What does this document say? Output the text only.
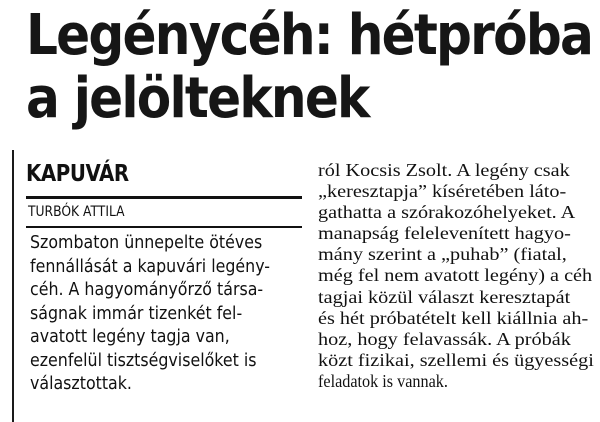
Legénycéh: hétpróba
a jelölteknek
KAPUVÁR
TURBÓK ATTILA
Szombaton ünnepelte ötéves
fennállását a kapuvári legény-
céh. A hagyományőrző társa-
ságnak immár tizenkét fel-
avatott legény tagja van,
ezenfelül tisztségviselőket is
választottak.
ról Kocsis Zsolt. A legény csak
„keresztapja” kíséretében láto-
gathatta a szórakozóhelyeket. A
manapság felelevenített hagyo-
mány szerint a „puhab” (fiatal,
még fel nem avatott legény) a céh
tagjai közül választ keresztapát
és hét próbatételt kell kiállnia ah-
hoz, hogy felavassák. A próbák
közt fizikai, szellemi és ügyességi
feladatok is vannak.
